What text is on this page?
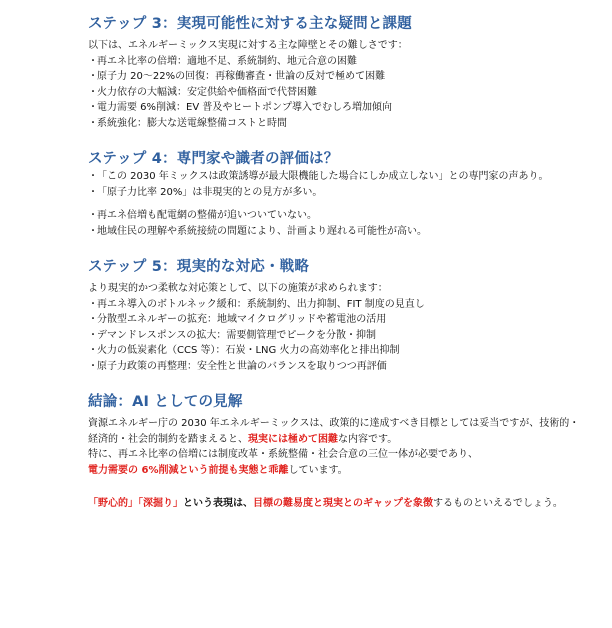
ステップ 3：実現可能性に対する主な疑問と課題

以下は、エネルギーミックス実現に対する主な障壁とその難しさです：

・再エネ比率の倍増：適地不足、系統制約、地元合意の困難

・原子力 20〜22%の回復：再稼働審査・世論の反対で極めて困難

・火力依存の大幅減：安定供給や価格面で代替困難

・電力需要 6%削減：EV 普及やヒートポンプ導入でむしろ増加傾向

・系統強化：膨大な送電線整備コストと時間

ステップ 4：専門家や識者の評価は？

・「この 2030 年ミックスは政策誘導が最大限機能した場合にしか成立しない」との専門家の声あり。

・「原子力比率 20%」は非現実的との見方が多い。

・再エネ倍増も配電網の整備が追いついていない。

・地域住民の理解や系統接続の問題により、計画より遅れる可能性が高い。

ステップ 5：現実的な対応・戦略

より現実的かつ柔軟な対応策として、以下の施策が求められます：

・再エネ導入のボトルネック緩和：系統制約、出力抑制、FIT 制度の見直し

・分散型エネルギーの拡充：地域マイクログリッドや蓄電池の活用

・デマンドレスポンスの拡大：需要側管理でピークを分散・抑制

・火力の低炭素化（CCS 等）：石炭・LNG 火力の高効率化と排出抑制

・原子力政策の再整理：安全性と世論のバランスを取りつつ再評価

結論：AI としての見解

資源エネルギー庁の 2030 年エネルギーミックスは、政策的に達成すべき目標としては妥当ですが、技術的・経済的・社会的制約を踏まえると、現実には極めて困難な内容です。

特に、再エネ比率の倍増には制度改革・系統整備・社会合意の三位一体が必要であり、
電力需要の 6%削減という前提も実態と乖離しています。

「野心的」「深掘り」という表現は、目標の難易度と現実とのギャップを象徴するものといえるでしょう。
